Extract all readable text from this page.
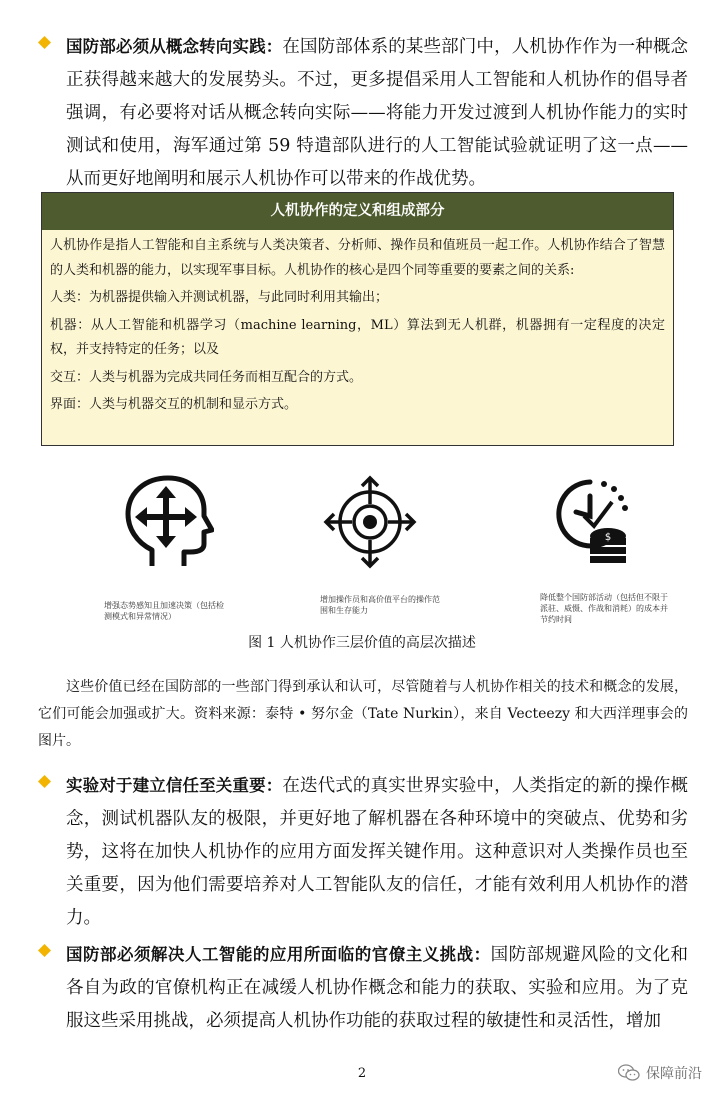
国防部必须从概念转向实践：在国防部体系的某些部门中，人机协作作为一种概念正获得越来越大的发展势头。不过，更多提倡采用人工智能和人机协作的倡导者强调，有必要将对话从概念转向实际——将能力开发过渡到人机协作能力的实时测试和使用，海军通过第 59 特遣部队进行的人工智能试验就证明了这一点——从而更好地阐明和展示人机协作可以带来的作战优势。

人机协作的定义和组成部分
人机协作是指人工智能和自主系统与人类决策者、分析师、操作员和值班员一起工作。人机协作结合了智慧的人类和机器的能力，以实现军事目标。人机协作的核心是四个同等重要的要素之间的关系:
人类：为机器提供输入并测试机器，与此同时利用其输出；
机器：从人工智能和机器学习（machine learning，ML）算法到无人机群，机器拥有一定程度的决定权，并支持特定的任务；以及
交互：人类与机器为完成共同任务而相互配合的方式。
界面：人类与机器交互的机制和显示方式。
$
增强态势感知且加速决策（包括检测模式和异常情况）
增加操作员和高价值平台的操作范围和生存能力
降低整个国防部活动（包括但不限于派驻、威慑、作战和消耗）的成本并节约时间
图 1 人机协作三层价值的高层次描述

这些价值已经在国防部的一些部门得到承认和认可，尽管随着与人机协作相关的技术和概念的发展，它们可能会加强或扩大。资料来源：泰特 • 努尔金（Tate Nurkin），来自 Vecteezy 和大西洋理事会的图片。

实验对于建立信任至关重要：在迭代式的真实世界实验中，人类指定的新的操作概念，测试机器队友的极限，并更好地了解机器在各种环境中的突破点、优势和劣势，这将在加快人机协作的应用方面发挥关键作用。这种意识对人类操作员也至关重要，因为他们需要培养对人工智能队友的信任，才能有效利用人机协作的潜力。

国防部必须解决人工智能的应用所面临的官僚主义挑战：国防部规避风险的文化和各自为政的官僚机构正在减缓人机协作概念和能力的获取、实验和应用。为了克服这些采用挑战，必须提高人机协作功能的获取过程的敏捷性和灵活性，增加

2	保障前沿
